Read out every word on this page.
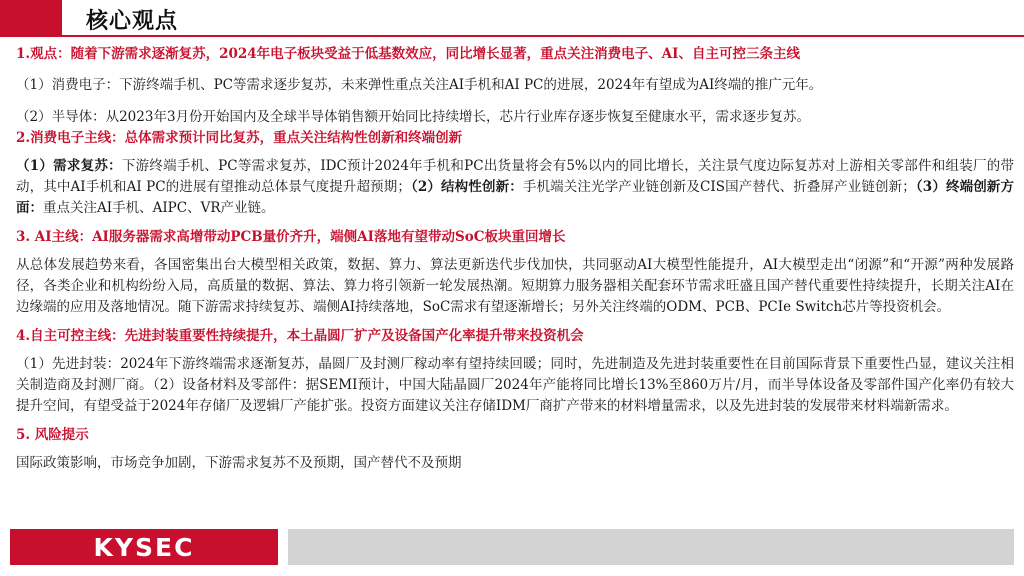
核心观点
1.观点：随着下游需求逐渐复苏，2024年电子板块受益于低基数效应，同比增长显著，重点关注消费电子、AI、自主可控三条主线
（1）消费电子：下游终端手机、PC等需求逐步复苏，未来弹性重点关注AI手机和AI PC的进展，2024年有望成为AI终端的推广元年。
（2）半导体：从2023年3月份开始国内及全球半导体销售额开始同比持续增长，芯片行业库存逐步恢复至健康水平，需求逐步复苏。
2.消费电子主线：总体需求预计同比复苏，重点关注结构性创新和终端创新
（1）需求复苏：下游终端手机、PC等需求复苏，IDC预计2024年手机和PC出货量将会有5%以内的同比增长，关注景气度边际复苏对上游相关零部件和组装厂的带动，其中AI手机和AI PC的进展有望推动总体景气度提升超预期；（2）结构性创新：手机端关注光学产业链创新及CIS国产替代、折叠屏产业链创新；（3）终端创新方面：重点关注AI手机、AIPC、VR产业链。
3. AI主线：AI服务器需求高增带动PCB量价齐升，端侧AI落地有望带动SoC板块重回增长
从总体发展趋势来看，各国密集出台大模型相关政策，数据、算力、算法更新迭代步伐加快，共同驱动AI大模型性能提升，AI大模型走出“闭源”和“开源”两种发展路径，各类企业和机构纷纷入局，高质量的数据、算法、算力将引领新一轮发展热潮。短期算力服务器相关配套环节需求旺盛且国产替代重要性持续提升，长期关注AI在边缘端的应用及落地情况。随下游需求持续复苏、端侧AI持续落地，SoC需求有望逐渐增长；另外关注终端的ODM、PCB、PCIe Switch芯片等投资机会。
4.自主可控主线：先进封装重要性持续提升，本土晶圆厂扩产及设备国产化率提升带来投资机会
（1）先进封装：2024年下游终端需求逐渐复苏，晶圆厂及封测厂稼动率有望持续回暖；同时，先进制造及先进封装重要性在目前国际背景下重要性凸显，建议关注相关制造商及封测厂商。（2）设备材料及零部件：据SEMI预计，中国大陆晶圆厂2024年产能将同比增长13%至860万片/月，而半导体设备及零部件国产化率仍有较大提升空间，有望受益于2024年存储厂及逻辑厂产能扩张。投资方面建议关注存储IDM厂商扩产带来的材料增量需求，以及先进封装的发展带来材料端新需求。
5. 风险提示
国际政策影响，市场竞争加剧，下游需求复苏不及预期，国产替代不及预期
KYSEC
